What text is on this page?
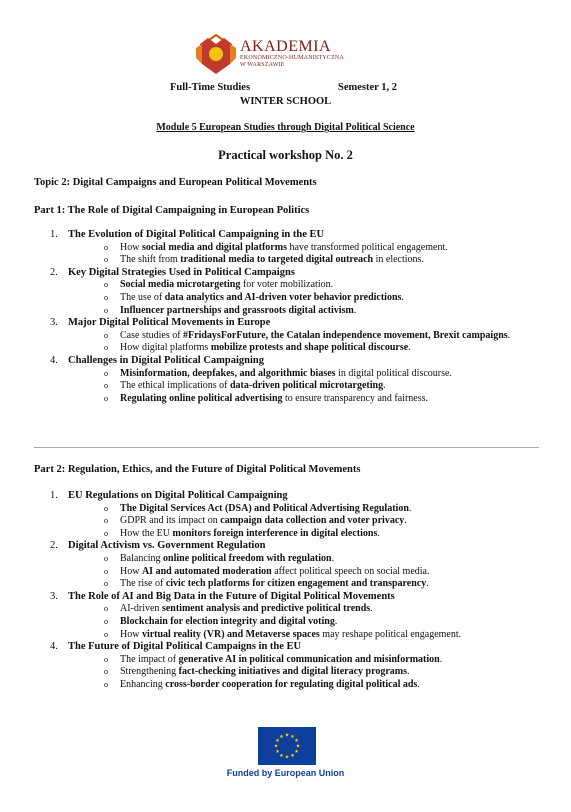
AKADEMIA
EKONOMICZNO-HUMANISTYCZNA
W WARSZAWIE
Full-Time Studies	Semester 1, 2
WINTER SCHOOL
Module 5 European Studies through Digital Political Science
Practical workshop No. 2
Topic 2: Digital Campaigns and European Political Movements
Part 1: The Role of Digital Campaigning in European Politics
1. The Evolution of Digital Political Campaigning in the EU
o How social media and digital platforms have transformed political engagement.
o The shift from traditional media to targeted digital outreach in elections.
2. Key Digital Strategies Used in Political Campaigns
o Social media microtargeting for voter mobilization.
o The use of data analytics and AI-driven voter behavior predictions.
o Influencer partnerships and grassroots digital activism.
3. Major Digital Political Movements in Europe
o Case studies of #FridaysForFuture, the Catalan independence movement, Brexit campaigns.
o How digital platforms mobilize protests and shape political discourse.
4. Challenges in Digital Political Campaigning
o Misinformation, deepfakes, and algorithmic biases in digital political discourse.
o The ethical implications of data-driven political microtargeting.
o Regulating online political advertising to ensure transparency and fairness.
Part 2: Regulation, Ethics, and the Future of Digital Political Movements
1. EU Regulations on Digital Political Campaigning
o The Digital Services Act (DSA) and Political Advertising Regulation.
o GDPR and its impact on campaign data collection and voter privacy.
o How the EU monitors foreign interference in digital elections.
2. Digital Activism vs. Government Regulation
o Balancing online political freedom with regulation.
o How AI and automated moderation affect political speech on social media.
o The rise of civic tech platforms for citizen engagement and transparency.
3. The Role of AI and Big Data in the Future of Digital Political Movements
o AI-driven sentiment analysis and predictive political trends.
o Blockchain for election integrity and digital voting.
o How virtual reality (VR) and Metaverse spaces may reshape political engagement.
4. The Future of Digital Political Campaigns in the EU
o The impact of generative AI in political communication and misinformation.
o Strengthening fact-checking initiatives and digital literacy programs.
o Enhancing cross-border cooperation for regulating digital political ads.
★
★
★
★
★
★
★
★
★ ★ ★
★
Funded by European Union
